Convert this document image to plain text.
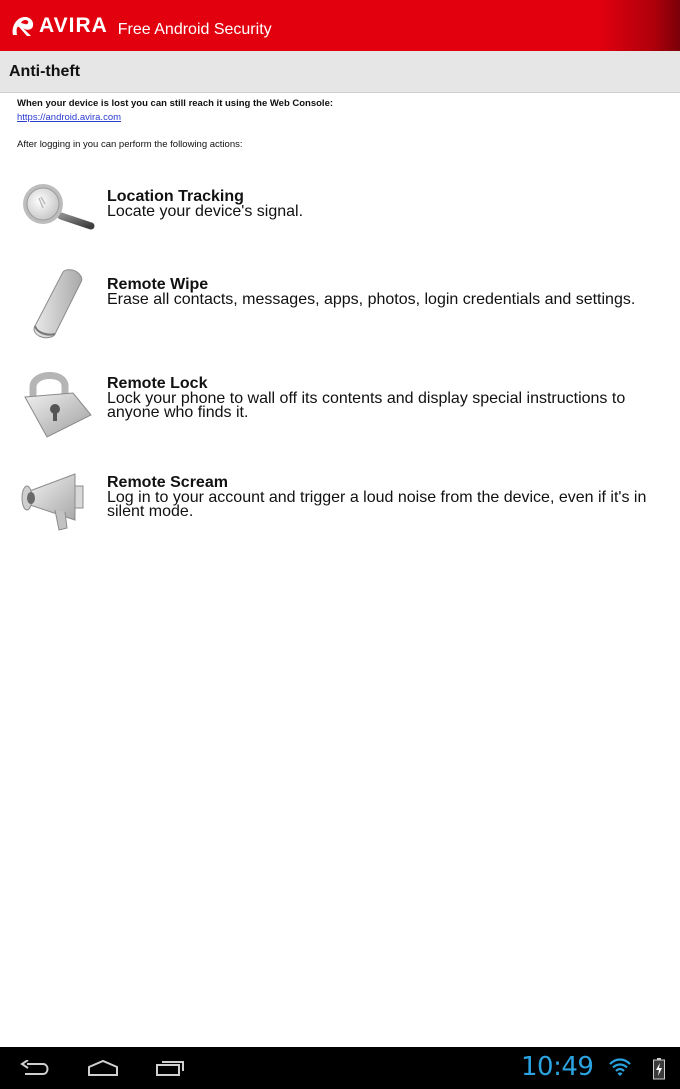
AVIRA Free Android Security
Anti-theft
When your device is lost you can still reach it using the Web Console:
https://android.avira.com
After logging in you can perform the following actions:
Location Tracking
Locate your device's signal.
Remote Wipe
Erase all contacts, messages, apps, photos, login credentials and settings.
Remote Lock
Lock your phone to wall off its contents and display special instructions to anyone who finds it.
Remote Scream
Log in to your account and trigger a loud noise from the device, even if it's in silent mode.
10:49
